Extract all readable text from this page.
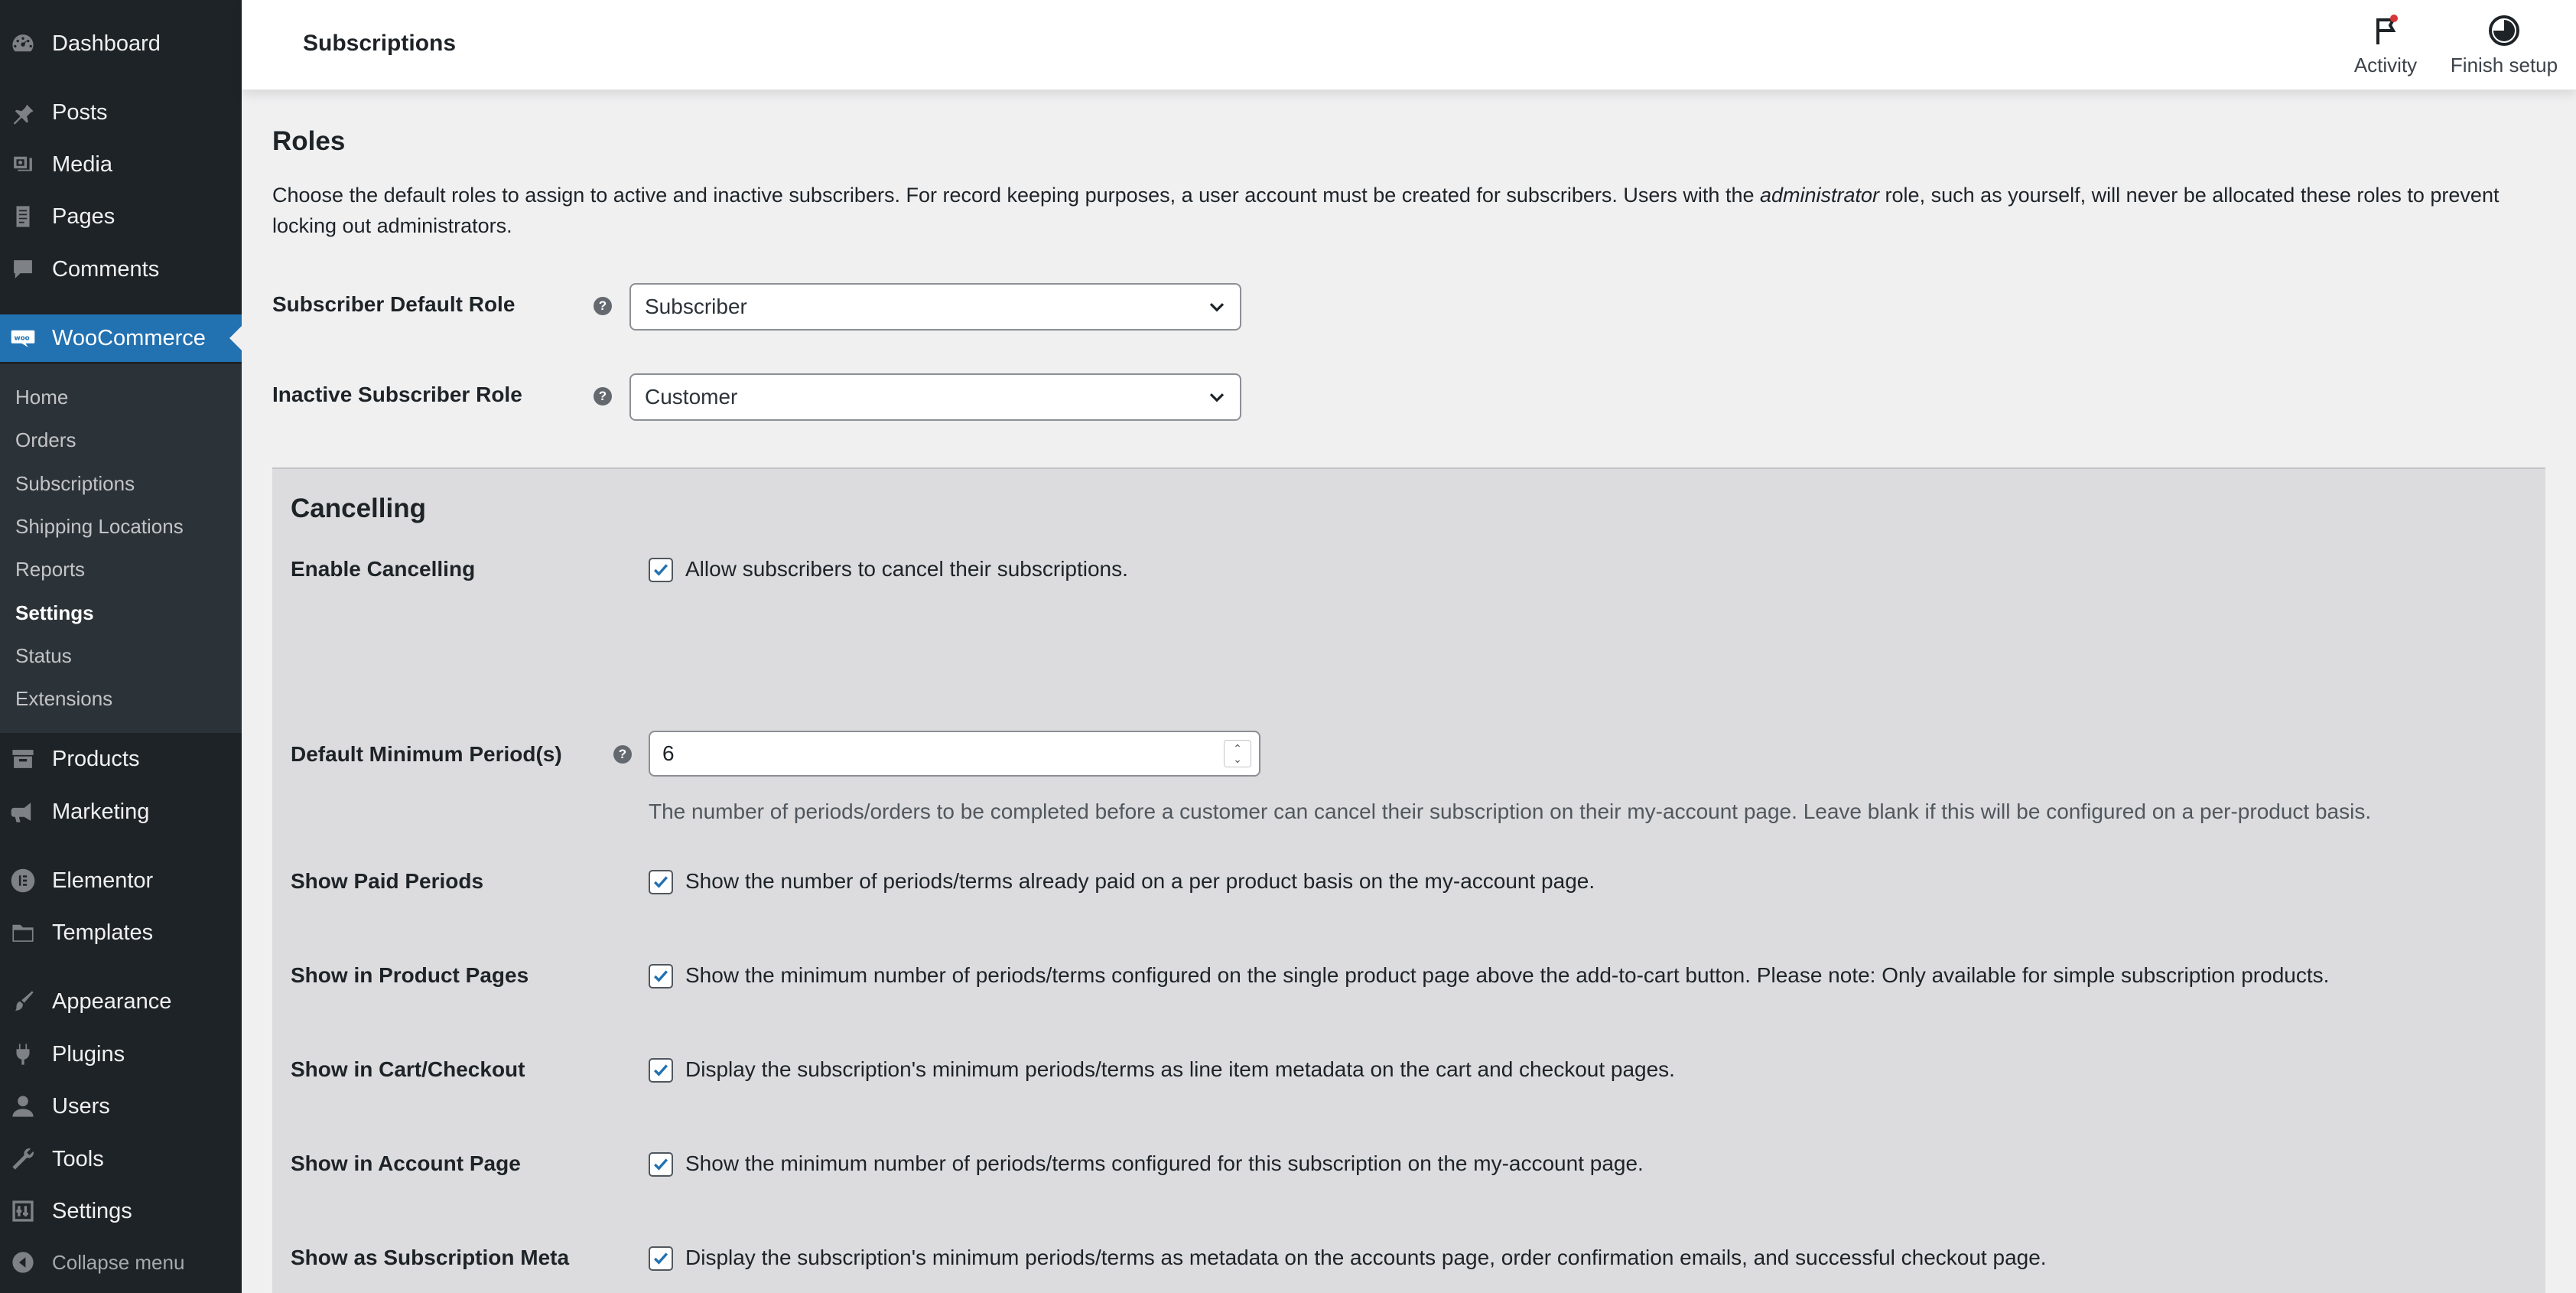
Dashboard
Posts
Media
Pages
Comments
woo WooCommerce
Home
Orders
Subscriptions
Shipping Locations
Reports
Settings
Status
Extensions
Products
Marketing
Elementor
Templates
Appearance
Plugins
Users
Tools
Settings
Collapse menu
Subscriptions
Activity	Finish setup
Roles

Choose the default roles to assign to active and inactive subscribers. For record keeping purposes, a user account must be created for subscribers. Users with the administrator role, such as yourself, will never be allocated these roles to prevent locking out administrators.

Subscriber Default Role	? Subscriber
Inactive Subscriber Role	? Customer
Cancelling
Enable Cancelling	Allow subscribers to cancel their subscriptions.
Default Minimum Period(s)	? 6	⌃
⌄
The number of periods/orders to be completed before a customer can cancel their subscription on their my-account page. Leave blank if this will be configured on a per-product basis.
Show Paid Periods	Show the number of periods/terms already paid on a per product basis on the my-account page.
Show in Product Pages	Show the minimum number of periods/terms configured on the single product page above the add-to-cart button. Please note: Only available for simple subscription products.
Show in Cart/Checkout	Display the subscription's minimum periods/terms as line item metadata on the cart and checkout pages.
Show in Account Page	Show the minimum number of periods/terms configured for this subscription on the my-account page.
Show as Subscription Meta	Display the subscription's minimum periods/terms as metadata on the accounts page, order confirmation emails, and successful checkout page.
